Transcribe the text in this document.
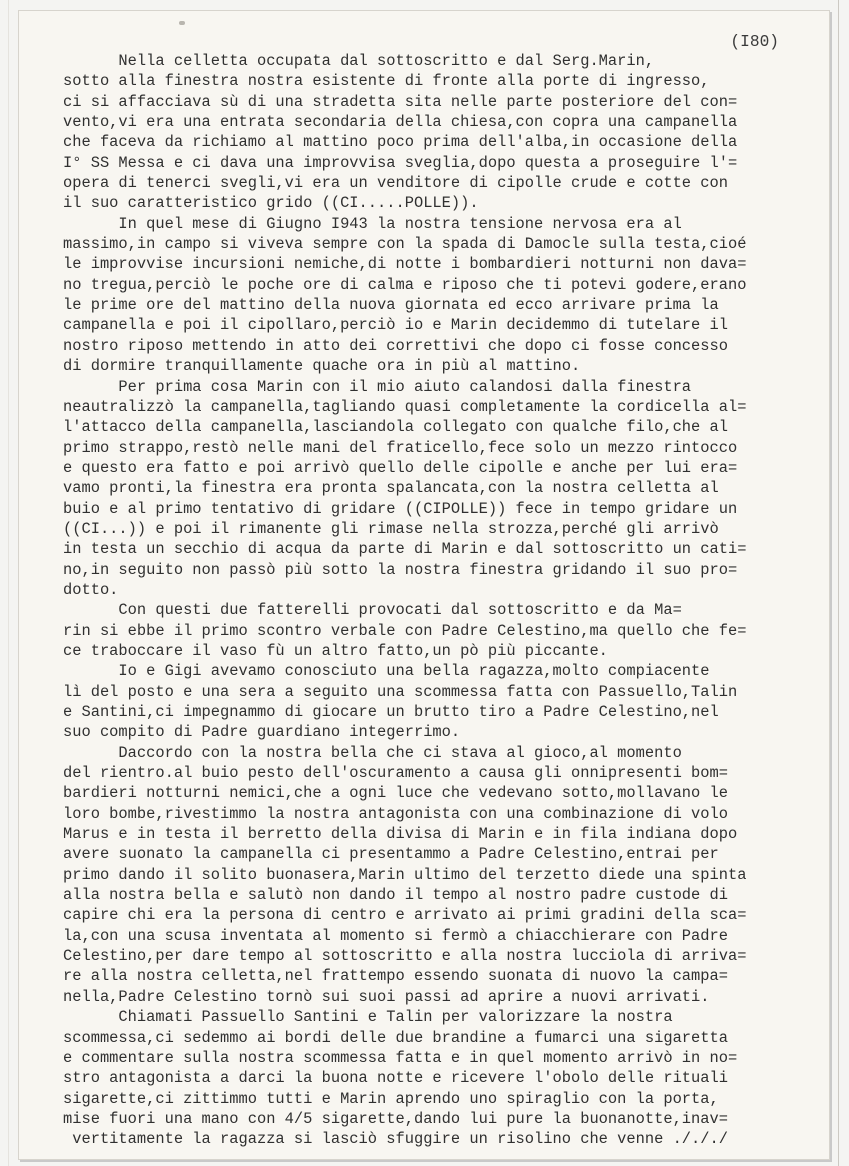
(I80)
Nella celletta occupata dal sottoscritto e dal Serg.Marin,
sotto alla finestra nostra esistente di fronte alla porte di ingresso,
ci si affacciava sù di una stradetta sita nelle parte posteriore del con=
vento,vi era una entrata secondaria della chiesa,con copra una campanella
che faceva da richiamo al mattino poco prima dell'alba,in occasione della
I° SS Messa e ci dava una improvvisa sveglia,dopo questa a proseguire l'=
opera di tenerci svegli,vi era un venditore di cipolle crude e cotte con
il suo caratteristico grido ((CI.....POLLE)).
In quel mese di Giugno I943 la nostra tensione nervosa era al
massimo,in campo si viveva sempre con la spada di Damocle sulla testa,cioé
le improvvise incursioni nemiche,di notte i bombardieri notturni non dava=
no tregua,perciò le poche ore di calma e riposo che ti potevi godere,erano
le prime ore del mattino della nuova giornata ed ecco arrivare prima la
campanella e poi il cipollaro,perciò io e Marin decidemmo di tutelare il
nostro riposo mettendo in atto dei correttivi che dopo ci fosse concesso
di dormire tranquillamente quache ora in più al mattino.
Per prima cosa Marin con il mio aiuto calandosi dalla finestra
neautralizzò la campanella,tagliando quasi completamente la cordicella al=
l'attacco della campanella,lasciandola collegato con qualche filo,che al
primo strappo,restò nelle mani del fraticello,fece solo un mezzo rintocco
e questo era fatto e poi arrivò quello delle cipolle e anche per lui era=
vamo pronti,la finestra era pronta spalancata,con la nostra celletta al
buio e al primo tentativo di gridare ((CIPOLLE)) fece in tempo gridare un
((CI...)) e poi il rimanente gli rimase nella strozza,perché gli arrivò
in testa un secchio di acqua da parte di Marin e dal sottoscritto un cati=
no,in seguito non passò più sotto la nostra finestra gridando il suo pro=
dotto.
Con questi due fatterelli provocati dal sottoscritto e da Ma=
rin si ebbe il primo scontro verbale con Padre Celestino,ma quello che fe=
ce traboccare il vaso fù un altro fatto,un pò più piccante.
Io e Gigi avevamo conosciuto una bella ragazza,molto compiacente
lì del posto e una sera a seguito una scommessa fatta con Passuello,Talin
e Santini,ci impegnammo di giocare un brutto tiro a Padre Celestino,nel
suo compito di Padre guardiano integerrimo.
Daccordo con la nostra bella che ci stava al gioco,al momento
del rientro.al buio pesto dell'oscuramento a causa gli onnipresenti bom=
bardieri notturni nemici,che a ogni luce che vedevano sotto,mollavano le
loro bombe,rivestimmo la nostra antagonista con una combinazione di volo
Marus e in testa il berretto della divisa di Marin e in fila indiana dopo
avere suonato la campanella ci presentammo a Padre Celestino,entrai per
primo dando il solito buonasera,Marin ultimo del terzetto diede una spinta
alla nostra bella e salutò non dando il tempo al nostro padre custode di
capire chi era la persona di centro e arrivato ai primi gradini della sca=
la,con una scusa inventata al momento si fermò a chiacchierare con Padre
Celestino,per dare tempo al sottoscritto e alla nostra lucciola di arriva=
re alla nostra celletta,nel frattempo essendo suonata di nuovo la campa=
nella,Padre Celestino tornò sui suoi passi ad aprire a nuovi arrivati.
Chiamati Passuello Santini e Talin per valorizzare la nostra
scommessa,ci sedemmo ai bordi delle due brandine a fumarci una sigaretta
e commentare sulla nostra scommessa fatta e in quel momento arrivò in no=
stro antagonista a darci la buona notte e ricevere l'obolo delle rituali
sigarette,ci zittimmo tutti e Marin aprendo uno spiraglio con la porta,
mise fuori una mano con 4/5 sigarette,dando lui pure la buonanotte,inav=
vertitamente la ragazza si lasciò sfuggire un risolino che venne ./././
